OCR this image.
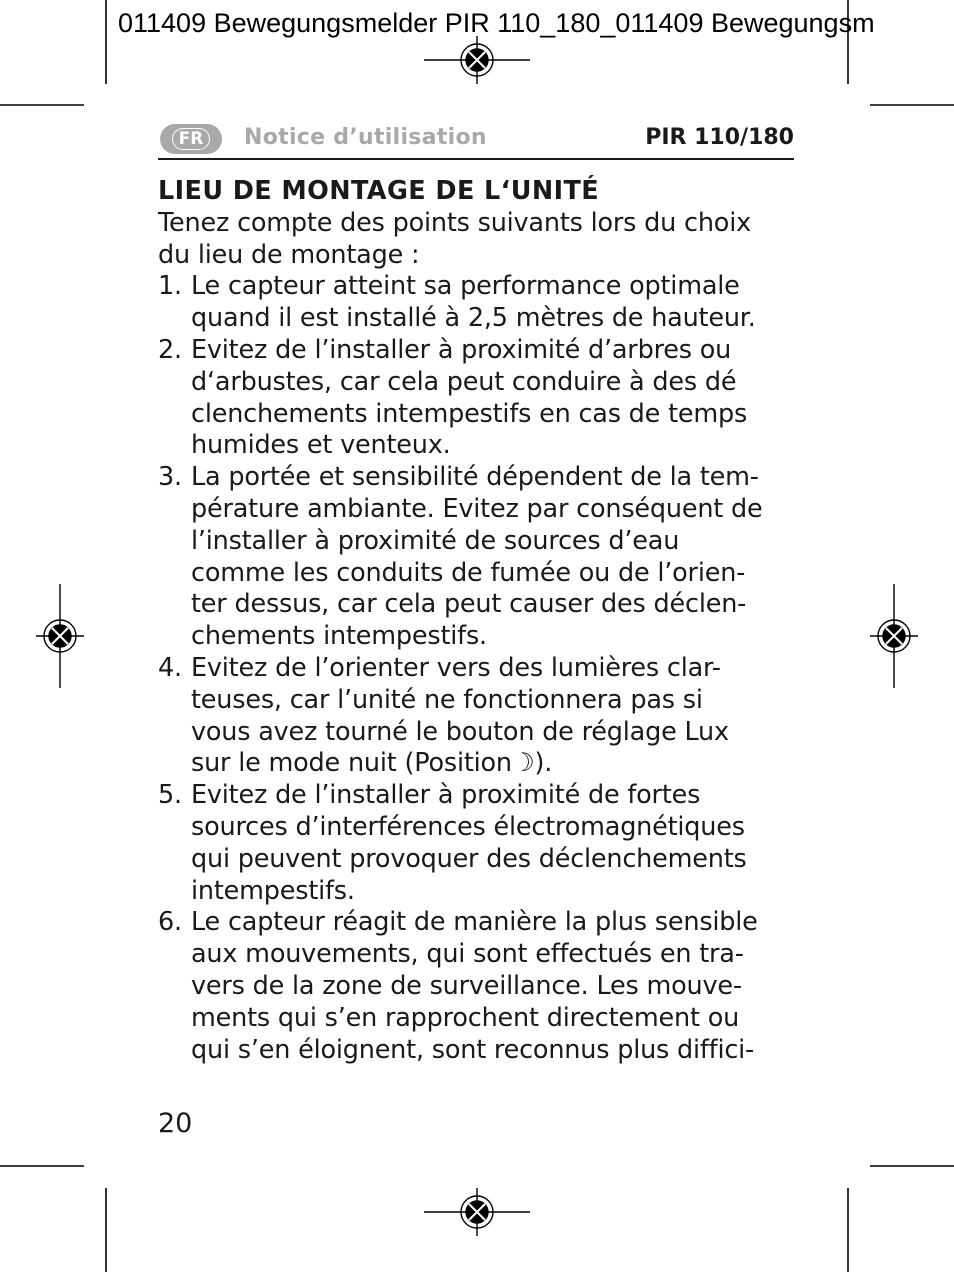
011409 Bewegungsmelder PIR 110_180_011409 Bewegungsm
FR	Notice d’utilisation	PIR 110/180
LIEU DE MONTAGE DE L‘UNITÉ
Tenez compte des points suivants lors du choix
du lieu de montage :
1. Le capteur atteint sa performance optimale
quand il est installé à 2,5 mètres de hauteur.
2. Evitez de l’installer à proximité d’arbres ou
d‘arbustes, car cela peut conduire à des dé
clenchements intempestifs en cas de temps
humides et venteux.
3. La portée et sensibilité dépendent de la tem-
pérature ambiante. Evitez par conséquent de
l’installer à proximité de sources d’eau
comme les conduits de fumée ou de l’orien-
ter dessus, car cela peut causer des déclen-
chements intempestifs.
4. Evitez de l’orienter vers des lumières clar-
teuses, car l’unité ne fonctionnera pas si
vous avez tourné le bouton de réglage Lux
sur le mode nuit (Position☽).
5. Evitez de l’installer à proximité de fortes
sources d’interférences électromagnétiques
qui peuvent provoquer des déclenchements
intempestifs.
6. Le capteur réagit de manière la plus sensible
aux mouvements, qui sont effectués en tra-
vers de la zone de surveillance. Les mouve-
ments qui s’en rapprochent directement ou
qui s’en éloignent, sont reconnus plus diffici-
20
